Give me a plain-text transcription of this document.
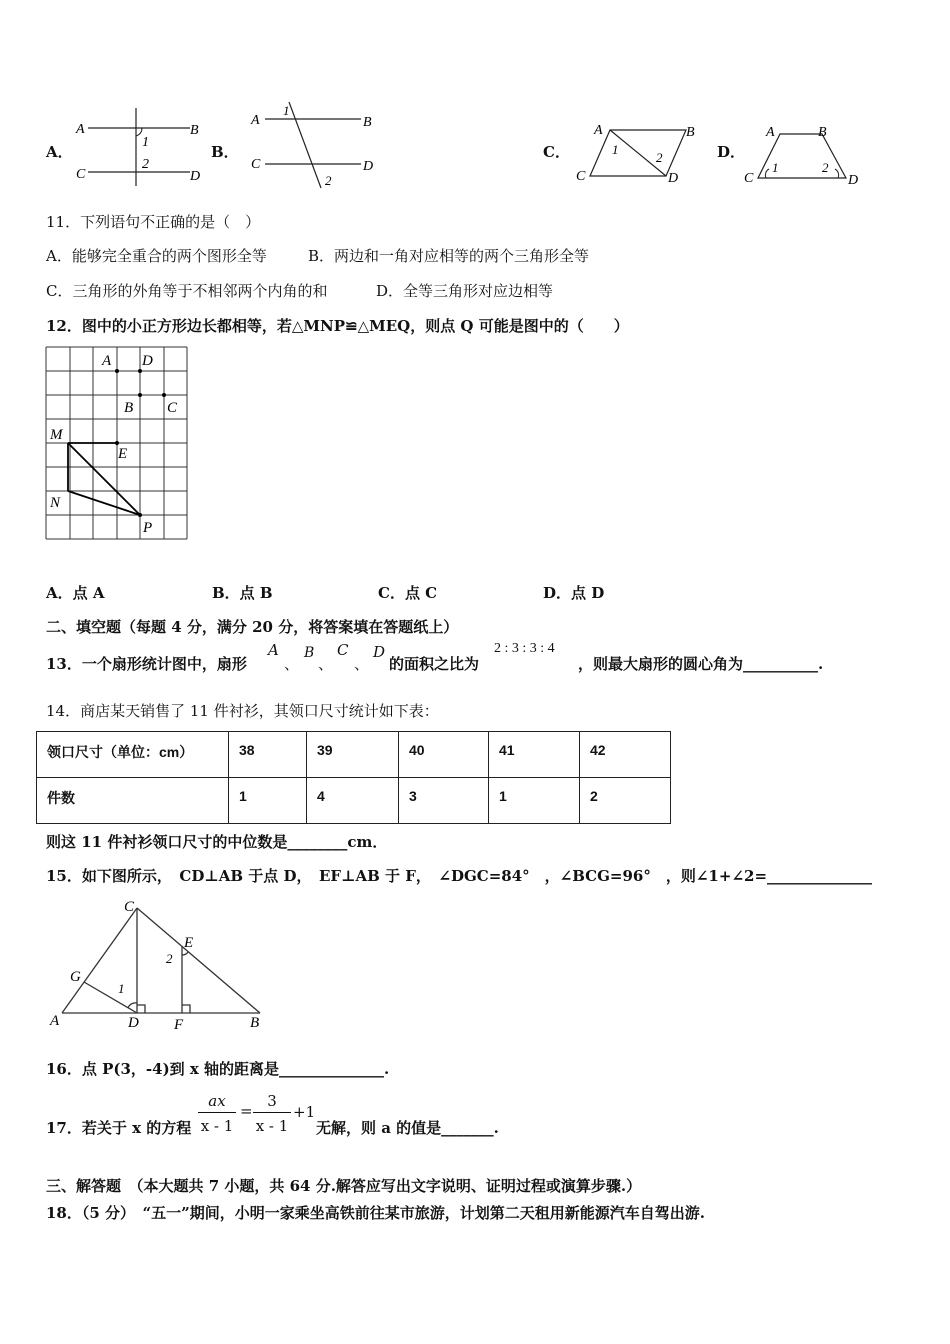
A．
A	B
C	D
1
2
B．
A	B
C	D
1
2
C．
A	B
C	D
1
2	D．
A	B
C	D
1	2
11．下列语句不正确的是（　）
A．能够完全重合的两个图形全等	B．两边和一角对应相等的两个三角形全等
C．三角形的外角等于不相邻两个内角的和	D．全等三角形对应边相等
12．图中的小正方形边长都相等，若△MNP≌△MEQ，则点 Q 可能是图中的（　　）
A D
B C
M
E
N
P
A．点 A	B．点 B	C．点 C	D．点 D
二、填空题（每题 4 分，满分 20 分，将答案填在答题纸上）
13．一个扇形统计图中，扇形
A
、
B
、
C
、
D
的面积之比为
2 : 3 : 3 : 4
，则最大扇形的圆心角为__________.
14．商店某天销售了 11 件衬衫，其领口尺寸统计如下表：
领口尺寸（单位：cm）	38	39	40	41	42
件数	1	4	3	1	2
则这 11 件衬衫领口尺寸的中位数是________cm．
15．如下图所示，　CD⊥AB 于点 D，　EF⊥AB 于 F，　∠DGC=84°　，∠BCG=96°　，则∠1+∠2=______________
C
E
G
2
1
A	D F	B
16．点 P(3，-4)到 x 轴的距离是______________.
17．若关于 x 的方程
ax
x - 1
=
3
x - 1
+1
无解，则 a 的值是_______.
三、解答题　（本大题共 7 小题，共 64 分.解答应写出文字说明、证明过程或演算步骤.）
18．（5 分）　“五一”期间，小明一家乘坐高铁前往某市旅游，计划第二天租用新能源汽车自驾出游.
